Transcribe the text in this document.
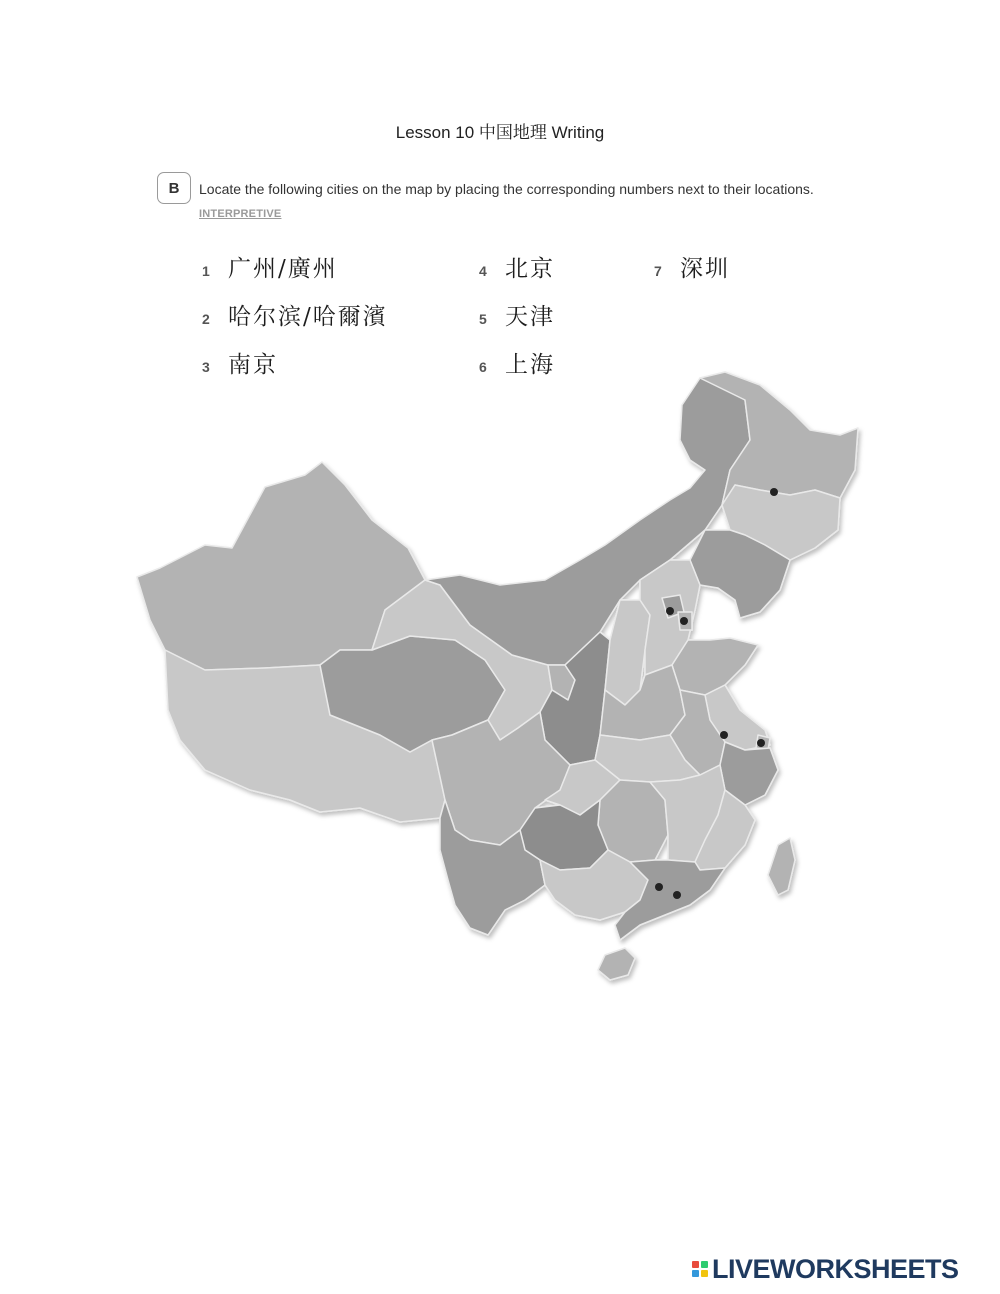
Lesson 10 中国地理 Writing
B	Locate the following cities on the map by placing the corresponding numbers next to their locations. INTERPRETIVE
1 广州/廣州
2 哈尔滨/哈爾濱
3 南京
4 北京
5 天津
6 上海
7 深圳
LIVEWORKSHEETS
